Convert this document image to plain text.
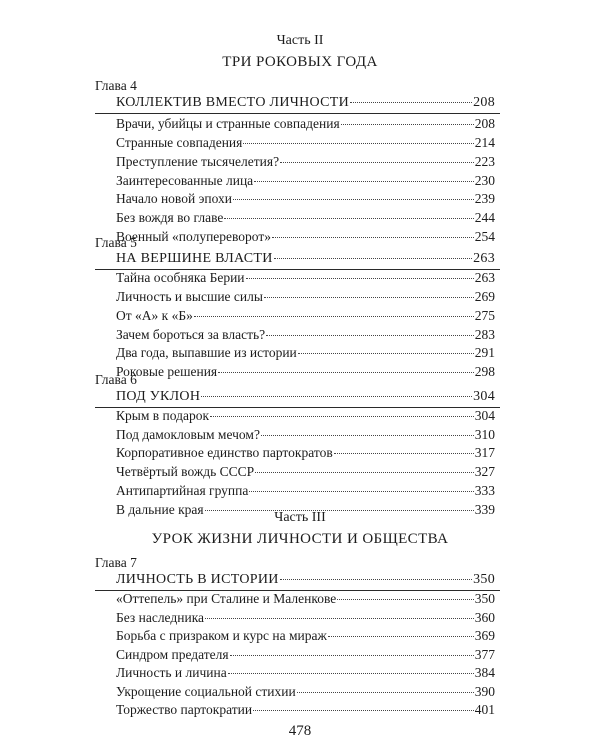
Часть II
ТРИ РОКОВЫХ ГОДА
Глава 4
КОЛЛЕКТИВ ВМЕСТО ЛИЧНОСТИ	208
Врачи, убийцы и странные совпадения	208
Странные совпадения	214
Преступление тысячелетия?	223
Заинтересованные лица	230
Начало новой эпохи	239
Без вождя во главе	244
Военный «полупереворот»	254
Глава 5
НА ВЕРШИНЕ ВЛАСТИ	263
Тайна особняка Берии	263
Личность и высшие силы	269
От «А» к «Б»	275
Зачем бороться за власть?	283
Два года, выпавшие из истории	291
Роковые решения	298
Глава 6
ПОД УКЛОН	304
Крым в подарок	304
Под дамокловым мечом?	310
Корпоративное единство партократов	317
Четвёртый вождь СССР	327
Антипартийная группа	333
В дальние края	339
Часть III
УРОК ЖИЗНИ ЛИЧНОСТИ И ОБЩЕСТВА
Глава 7
ЛИЧНОСТЬ В ИСТОРИИ	350
«Оттепель» при Сталине и Маленкове	350
Без наследника	360
Борьба с призраком и курс на мираж	369
Синдром предателя	377
Личность и личина	384
Укрощение социальной стихии	390
Торжество партократии	401
478
